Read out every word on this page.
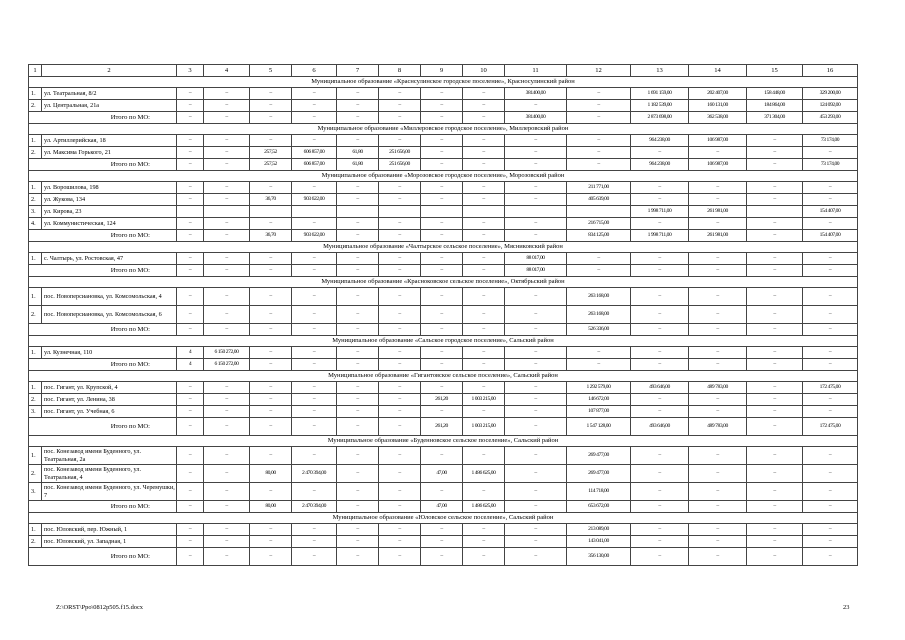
1	2	3	4	5	6	7	8	9	10	11	12	13	14	15	16
Муниципальное образование «Краснсулинское городское поселение», Красносулинский район															
1.	ул. Театральная, 8/2	–	–	–	–	–	–	–	–	381400,00	–	1 691 159,00	202 407,00	158 448,00	329 200,00
2.	ул. Центральная, 21а	–	–	–	–	–	–	–	–	–	–	1 182 539,00	160 131,00	184 864,00	124 092,00
Итого по МО:		–	–	–	–	–	–	–	–	381400,00	–	2 873 698,00	362 538,00	371 304,00	453 293,00
Муниципальное образование «Миллеровское городское поселение», Миллеровский район															
1.	ул. Артиллерийская, 18	–	–	–	–	–	–	–	–	–	–	964 238,00	106 987,00	–	73 174,00
2.	ул. Максима Горького, 21	–	–	257,52	606 857,00	61,80	251 656,00	–	–	–	–	–	–	–	–
Итого по МО:		–	–	257,52	606 857,00	61,80	251 656,00	–	–	–	–	964 238,00	106 987,00	–	73 174,00
Муниципальное образование «Морозовское городское поселение», Морозовский район															
1.	ул. Ворошилова, 198	–	–	–	–	–	–	–	–	–	211 771,00	–	–	–	–
2.	ул. Жукова, 134	–	–	36,70	903 622,00	–	–	–	–	–	405 639,00	–	–	–	–
3.	ул. Кирова, 23											1 998 711,00	261 981,00		154 407,00
4.	ул. Коммунистическая, 124	–	–	–	–	–	–	–	–	–	216 715,00	–	–	–	–
Итого по МО:		–	–	36,70	903 622,00	–	–	–	–	–	834 125,00	1 998 711,00	261 981,00	–	154 407,00
Муниципальное образование «Чалтырское сельское поселение», Мясниковский район															
1.	с. Чалтырь, ул. Ростовская, 47	–	–	–	–	–	–	–	–	88 017,00	–	–	–	–	–
Итого по МО:		–	–	–	–	–	–	–	–	88 017,00	–	–	–	–	–
Муниципальное образование «Красноковское сельское поселение», Октябрьский район															
1.	пос. Новоперсиановка, ул. Комсомольская, 4	–	–	–	–	–	–	–	–	–	263 168,00	–	–	–	–
2.	пос. Новоперсиановка, ул. Комсомольская, 6	–	–	–	–	–	–	–	–	–	263 168,00	–	–	–	–
Итого по МО:		–	–	–	–	–	–	–	–	–	526 336,00	–	–	–	–
Муниципальное образование «Сальское городское поселение», Сальский район															
1.	ул. Кузнечная, 110	4	6 150 272,00	–	–	–	–	–	–	–	–	–	–	–	–
Итого по МО:		4	6 150 272,00	–	–	–	–	–	–	–	–	–	–	–	–
Муниципальное образование «Гигантовское сельское поселение», Сальский район															
1.	пос. Гигант, ул. Крупской, 4	–	–	–	–	–	–	–	–	–	1 292 579,00	493 646,00	489 783,00	–	172 475,00
2.	пос. Гигант, ул. Ленина, 38	–	–	–	–	–	–	261,20	1 003 215,00	–	146 672,00	–	–	–	–
3.	пос. Гигант, ул. Учебная, 6	–	–	–	–	–	–	–	–	–	107 877,00	–	–	–	–
Итого по МО:		–	–	–	–	–	–	261,20	1 003 215,00	–	1 547 128,00	493 646,00	489 783,00	–	172 475,00
Муниципальное образование «Буденновское сельское поселение», Сальский район															
1.	пос. Конезавод имени Буденного, ул. Театральная, 2а	–	–	–	–	–	–	–	–	–	269 477,00	–	–	–	–
2.	пос. Конезавод имени Буденного, ул. Театральная, 4	–	–	80,00	2 470 394,00	–	–	47,00	1 486 625,00	–	269 477,00	–	–	–	–
3.	пос. Конезавод имени Буденного, ул. Черемушки, 7	–	–	–	–	–	–	–	–	–	114 718,00	–	–	–	–
Итого по МО:		–	–	80,00	2 470 394,00	–	–	47,00	1 486 625,00	–	653 672,00	–	–	–	–
Муниципальное образование «Юловское сельское поселение», Сальский район															
1.	пос. Юловский, пер. Южный, 1	–	–	–	–	–	–	–	–	–	213 089,00	–	–	–	–
2.	пос. Юловский, ул. Западная, 1	–	–	–	–	–	–	–	–	–	143 041,00	–	–	–	–
Итого по МО:		–	–	–	–	–	–	–	–	–	356 130,00	–	–	–	–
Z:\ORST\Ppo\0812p505.f15.docx	23
